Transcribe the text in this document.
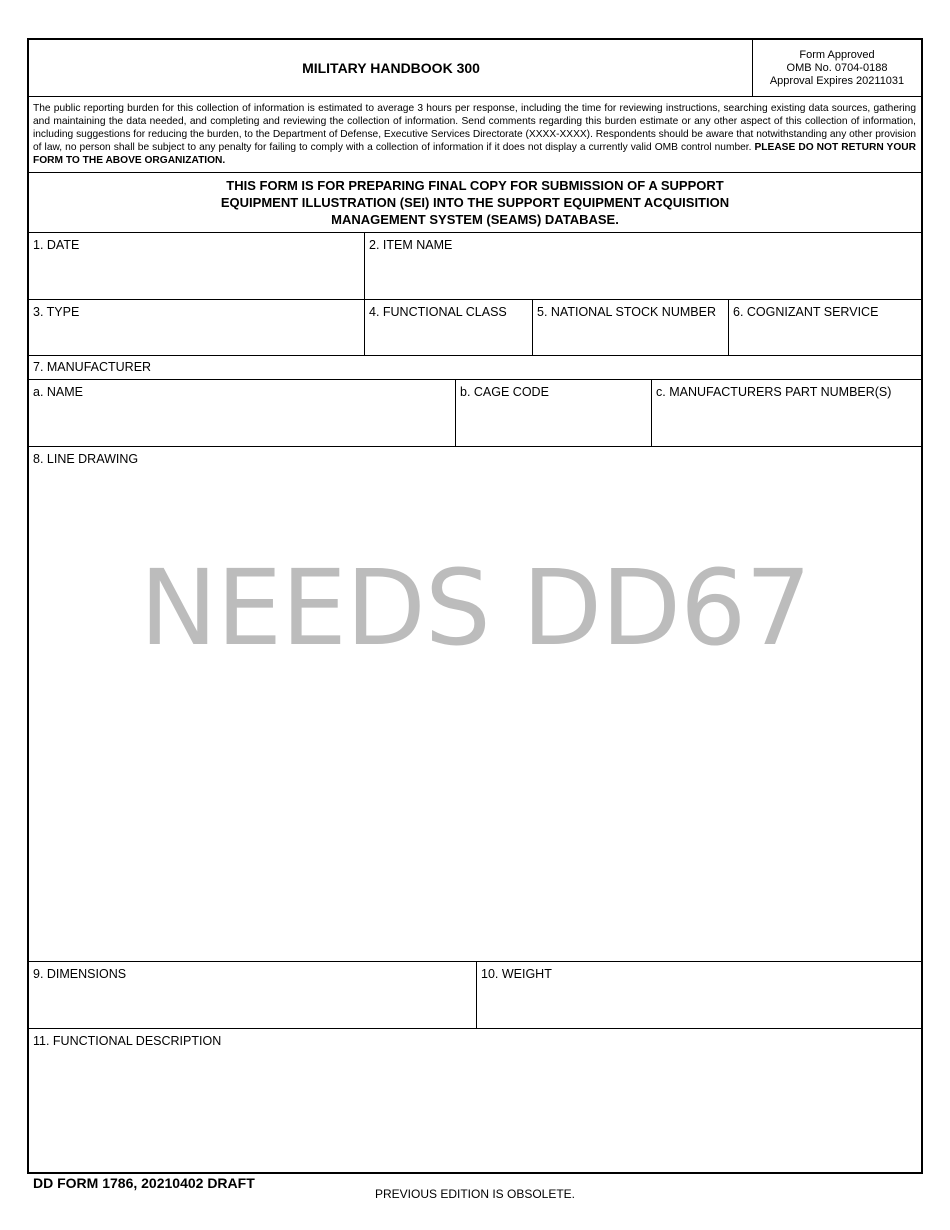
MILITARY HANDBOOK 300
Form Approved
OMB No. 0704-0188
Approval Expires 20211031
The public reporting burden for this collection of information is estimated to average 3 hours per response, including the time for reviewing instructions, searching existing data sources, gathering and maintaining the data needed, and completing and reviewing the collection of information. Send comments regarding this burden estimate or any other aspect of this collection of information, including suggestions for reducing the burden, to the Department of Defense, Executive Services Directorate (XXXX-XXXX). Respondents should be aware that notwithstanding any other provision of law, no person shall be subject to any penalty for failing to comply with a collection of information if it does not display a currently valid OMB control number. PLEASE DO NOT RETURN YOUR FORM TO THE ABOVE ORGANIZATION.
THIS FORM IS FOR PREPARING FINAL COPY FOR SUBMISSION OF A SUPPORT EQUIPMENT ILLUSTRATION (SEI) INTO THE SUPPORT EQUIPMENT ACQUISITION MANAGEMENT SYSTEM (SEAMS) DATABASE.
1. DATE	2. ITEM NAME
3. TYPE	4. FUNCTIONAL CLASS 5. NATIONAL STOCK NUMBER 6. COGNIZANT SERVICE
7. MANUFACTURER
a. NAME	b. CAGE CODE	c. MANUFACTURERS PART NUMBER(S)
8. LINE DRAWING
NEEDS DD67
9. DIMENSIONS	10. WEIGHT
11. FUNCTIONAL DESCRIPTION
DD FORM 1786, 20210402 DRAFT
PREVIOUS EDITION IS OBSOLETE.
